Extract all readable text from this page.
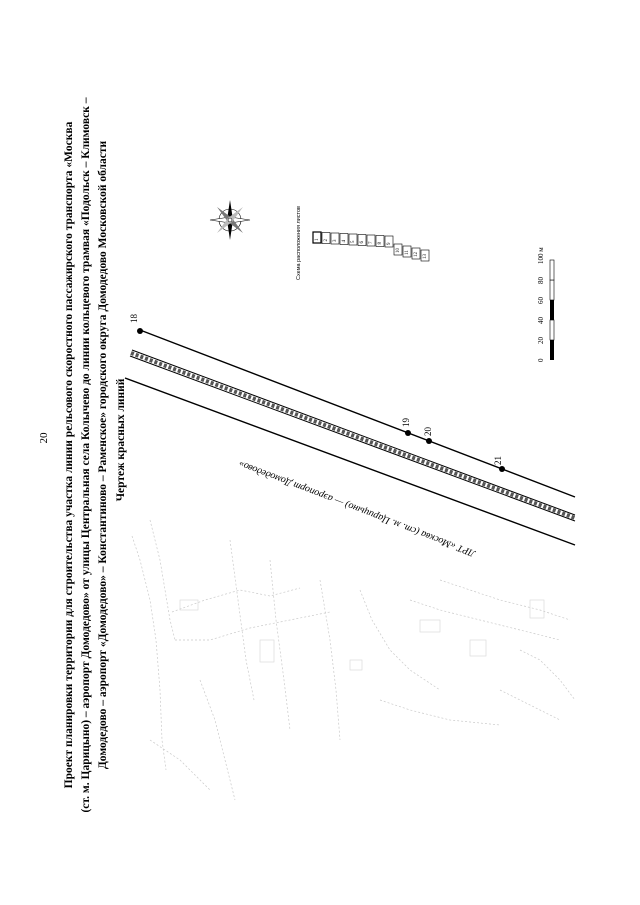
20 Проект планировки территории для строительства участка линии рельсового скоростного пассажирского транспорта «Москва (ст. м. Царицыно) – аэропорт Домодедово» от улицы Центральная села Колычево до линии кольцевого трамвая «Подольск – Климовск – Домодедово – аэропорт «Домодедово» – Константиново – Раменское» городского округа Домодедово Московской области Чертеж красных линий
ЛРТ «Москва (ст. м. Царицыно) — аэропорт Домодедово»
18
19
20
21
Схема расположения листов	1 2 3 4 5 6 7 8 9
10 11 12 13
0
20
40
60
80
100 м
